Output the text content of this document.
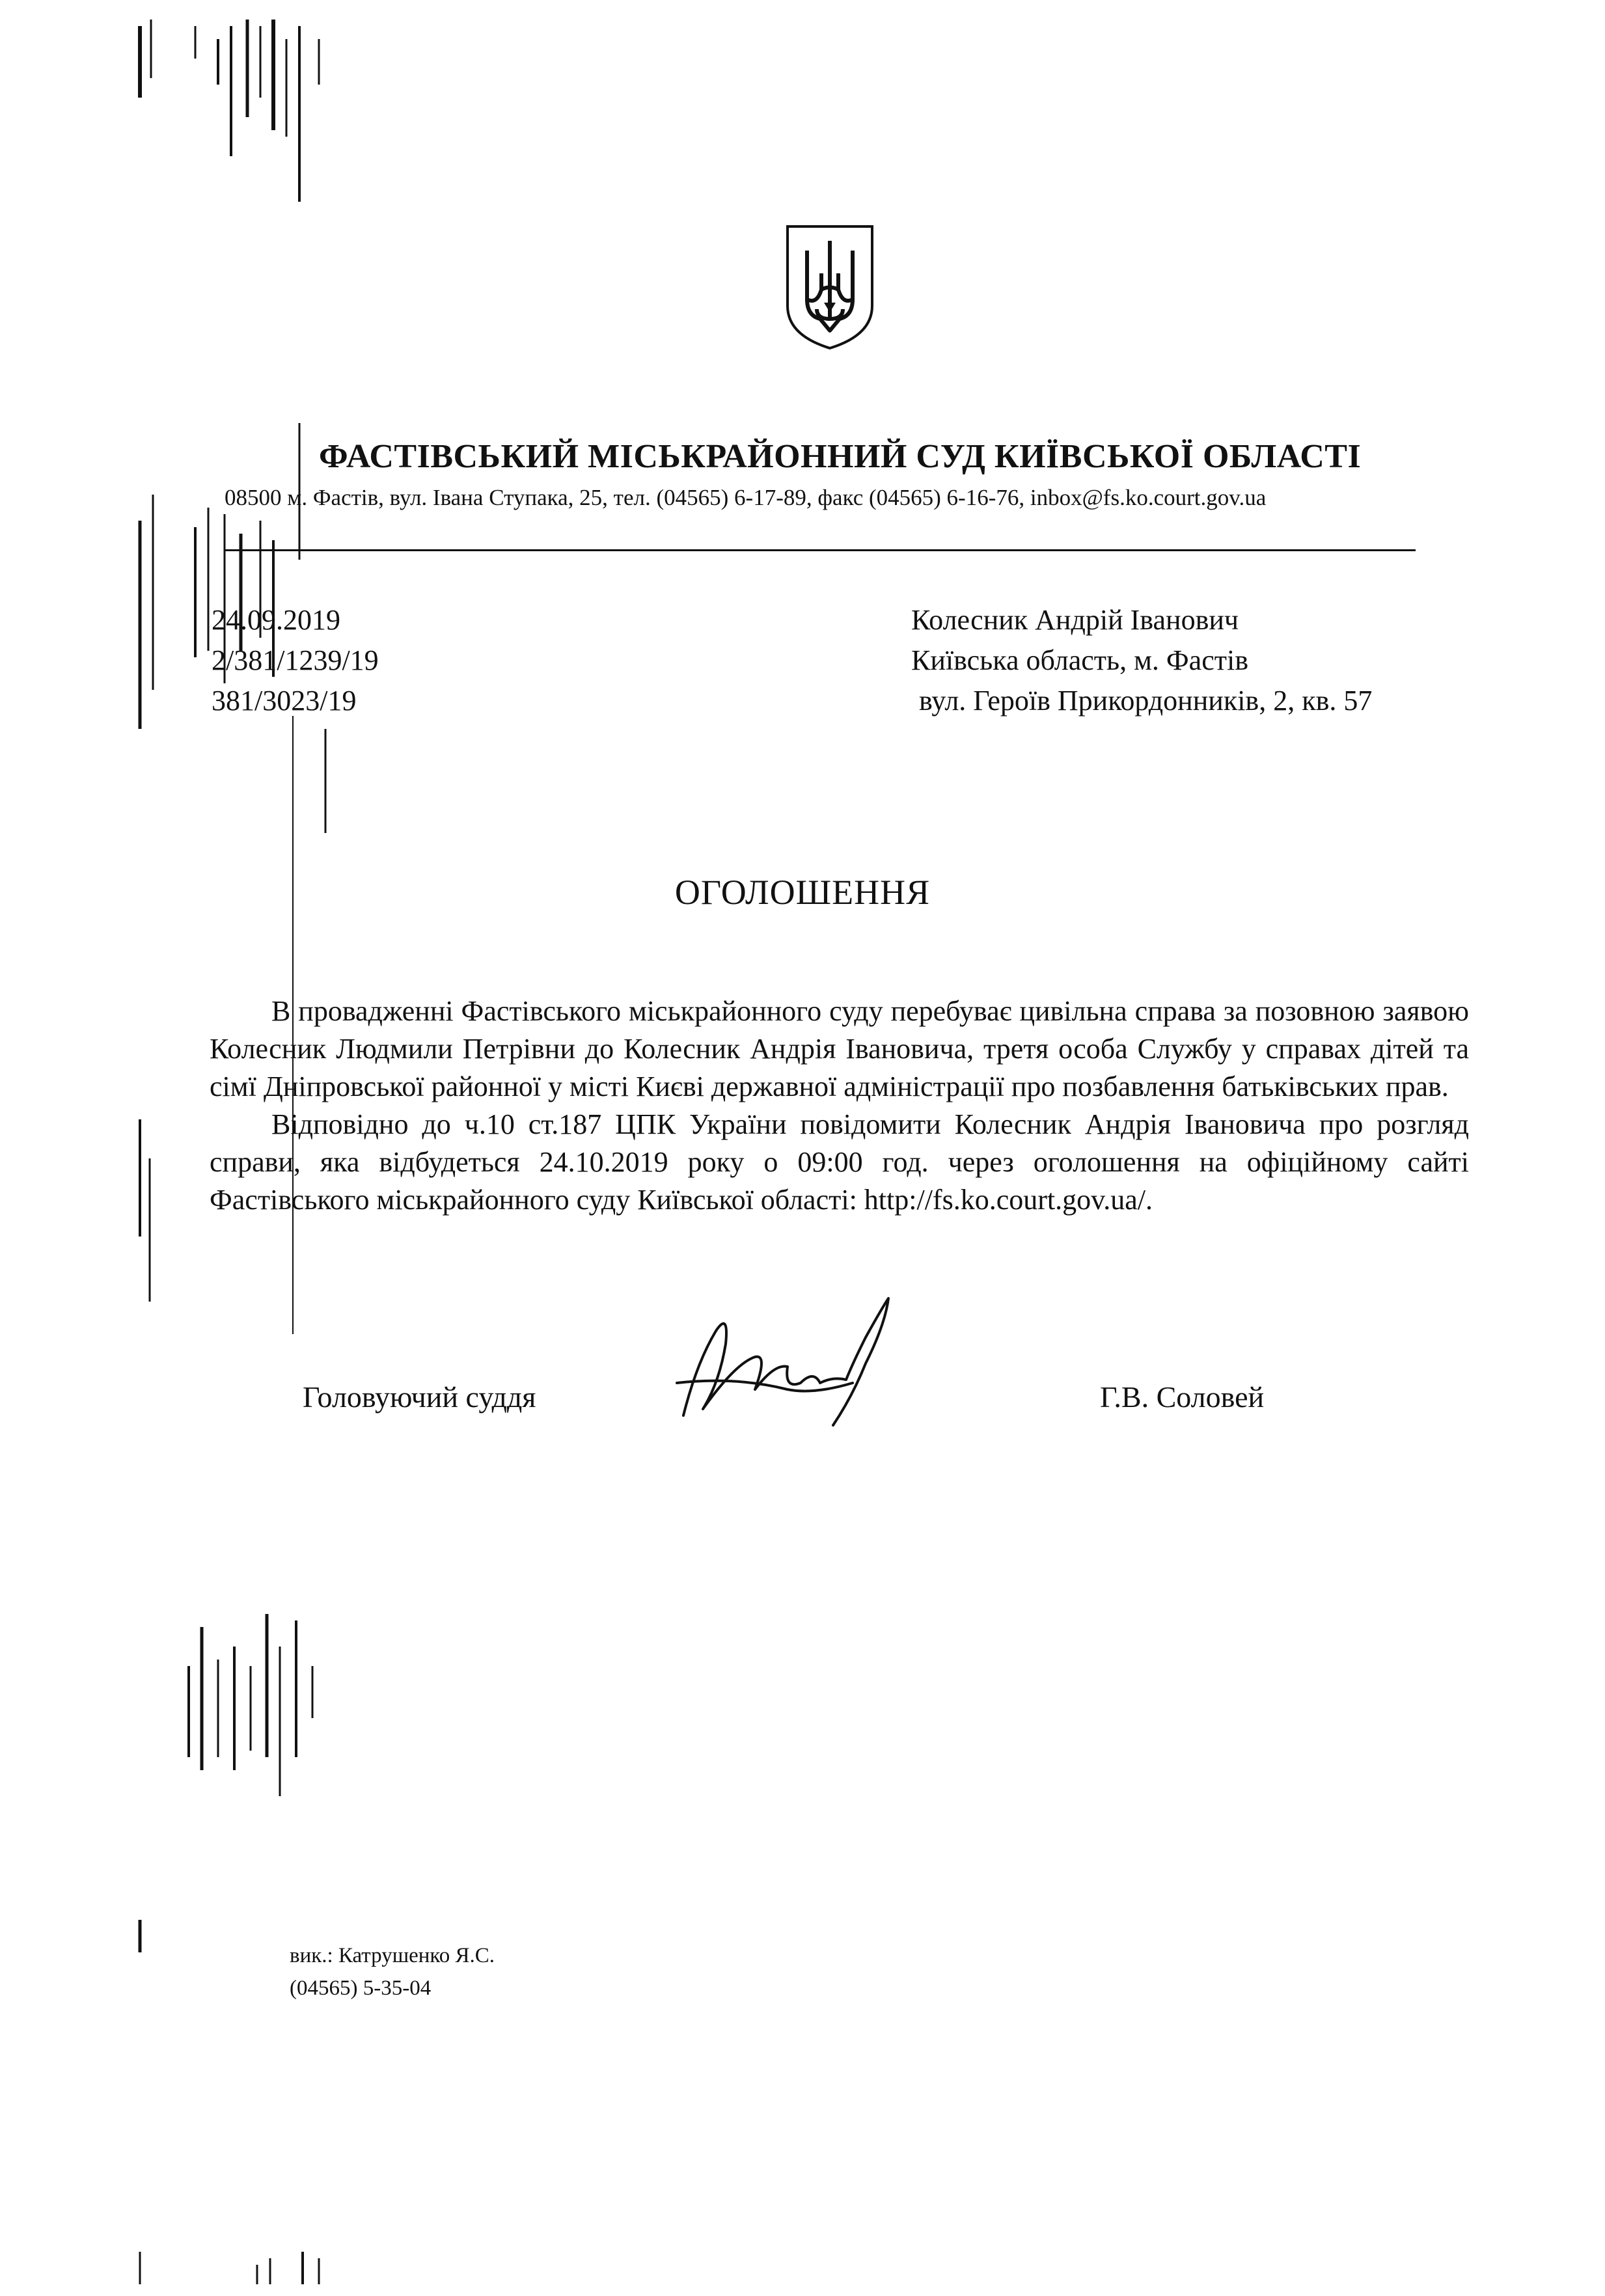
ФАСТІВСЬКИЙ МІСЬКРАЙОННИЙ СУД КИЇВСЬКОЇ ОБЛАСТІ
08500 м. Фастів, вул. Івана Ступака, 25, тел. (04565) 6-17-89, факс (04565) 6-16-76, inbox@fs.ko.court.gov.ua
24.09.2019
2/381/1239/19
381/3023/19
Колесник Андрій Іванович
Київська область, м. Фастів
вул. Героїв Прикордонників, 2, кв. 57
ОГОЛОШЕННЯ

В провадженні Фастівського міськрайонного суду перебуває цивільна справа за позовною заявою Колесник Людмили Петрівни до Колесник Андрія Івановича, третя особа Службу у справах дітей та сімї Дніпровської районної у місті Києві державної адміністрації про позбавлення батьківських прав.

Відповідно до ч.10 ст.187 ЦПК України повідомити Колесник Андрія Івановича про розгляд справи, яка відбудеться 24.10.2019 року о 09:00 год. через оголошення на офіційному сайті Фастівського міськрайонного суду Київської області: http://fs.ko.court.gov.ua/.

Головуючий суддя	Г.В. Соловей
вик.: Катрушенко Я.С.
(04565) 5-35-04
